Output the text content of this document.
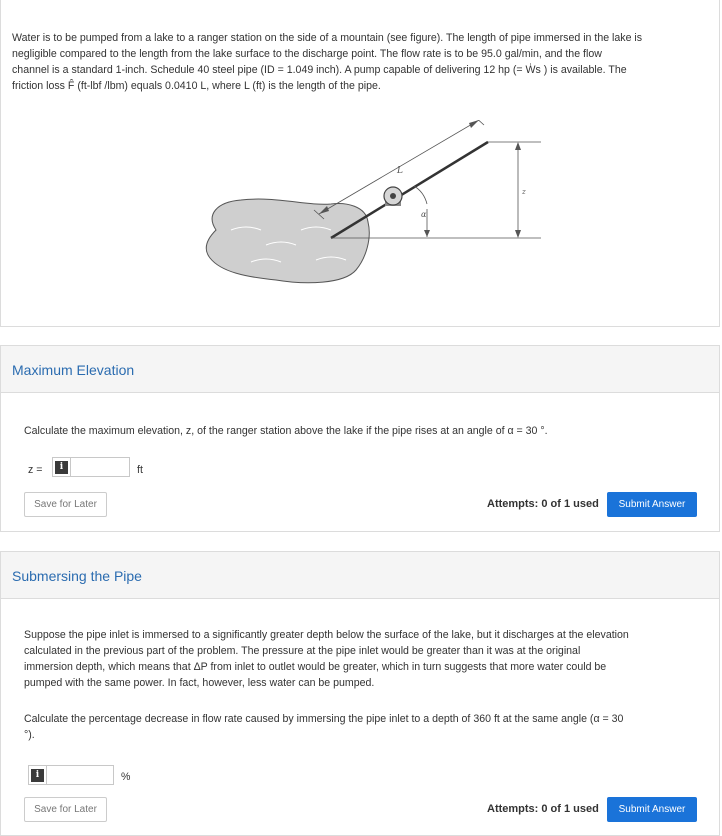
Water is to be pumped from a lake to a ranger station on the side of a mountain (see figure). The length of pipe immersed in the lake is
negligible compared to the length from the lake surface to the discharge point. The flow rate is to be 95.0 gal/min, and the flow
channel is a standard 1-inch. Schedule 40 steel pipe (ID = 1.049 inch). A pump capable of delivering 12 hp (= Ẇs ) is available. The
friction loss F̂ (ft-lbf /lbm) equals 0.0410 L, where L (ft) is the length of the pipe.
L
α
z
Maximum Elevation
Calculate the maximum elevation, z, of the ranger station above the lake if the pipe rises at an angle of α = 30 °.
z =	i	ft
Save for Later	Attempts: 0 of 1 used	Submit Answer
Submersing the Pipe
Suppose the pipe inlet is immersed to a significantly greater depth below the surface of the lake, but it discharges at the elevation
calculated in the previous part of the problem. The pressure at the pipe inlet would be greater than it was at the original
immersion depth, which means that ΔP from inlet to outlet would be greater, which in turn suggests that more water could be
pumped with the same power. In fact, however, less water can be pumped.
Calculate the percentage decrease in flow rate caused by immersing the pipe inlet to a depth of 360 ft at the same angle (α = 30
°).
i	%
Save for Later	Attempts: 0 of 1 used	Submit Answer
